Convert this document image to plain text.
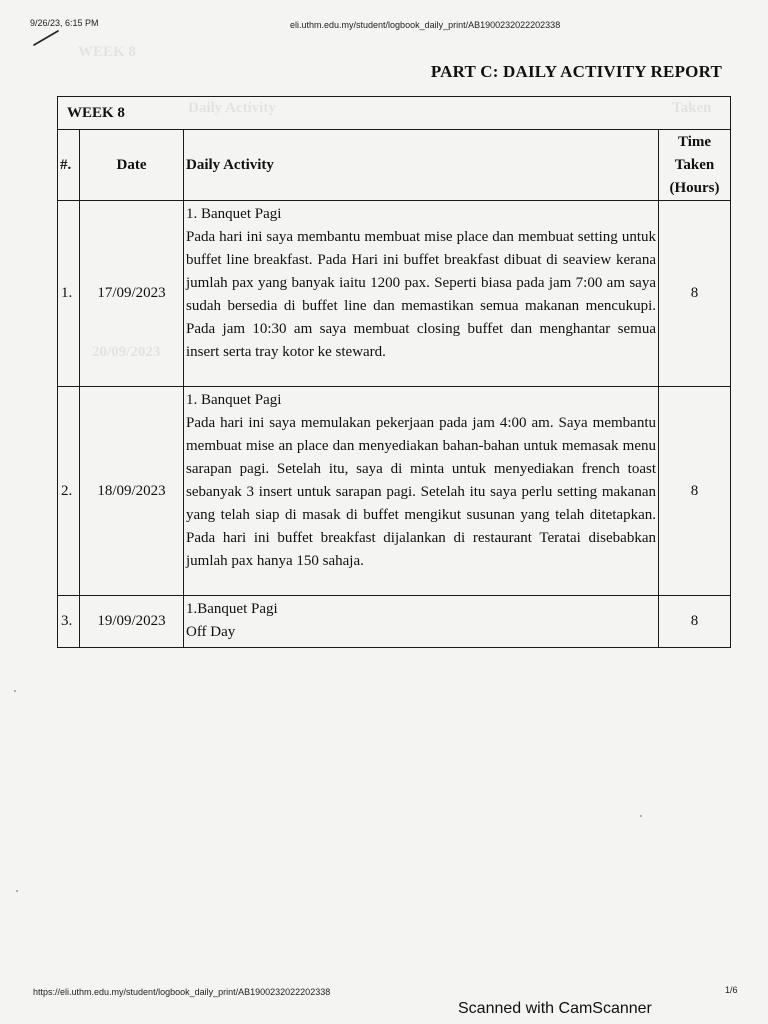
9/26/23, 6:15 PM	eli.uthm.edu.my/student/logbook_daily_print/AB190023202220233​8
WEEK 8
Daily Activity	Taken
20/09/2023
PART C: DAILY ACTIVITY REPORT
WEEK 8			
#.	Date	Daily Activity	Time
Taken
(Hours)

1.	17/09/2023	1. Banquet Pagi
Pada hari ini saya membantu membuat mise place dan membuat setting untuk buffet line breakfast. Pada Hari ini buffet breakfast dibuat di seaview kerana jumlah pax yang banyak iaitu 1200 pax. Seperti biasa pada jam 7:00 am saya sudah bersedia di buffet line dan memastikan semua makanan mencukupi. Pada jam 10:30 am saya membuat closing buffet dan menghantar semua insert serta tray kotor ke steward.	8
2.	18/09/2023	1. Banquet Pagi
Pada hari ini saya memulakan pekerjaan pada jam 4:00 am. Saya membantu membuat mise an place dan menyediakan bahan-bahan untuk memasak menu sarapan pagi. Setelah itu, saya di minta untuk menyediakan french toast sebanyak 3 insert untuk sarapan pagi. Setelah itu saya perlu setting makanan yang telah siap di masak di buffet mengikut susunan yang telah ditetapkan. Pada hari ini buffet breakfast dijalankan di restaurant Teratai disebabkan jumlah pax hanya 150 sahaja.	8
3.	19/09/2023	1.Banquet Pagi
Off Day	8
https://eli.uthm.edu.my/student/logbook_daily_print/AB1900232022202338	1/6
Scanned with CamScanner
